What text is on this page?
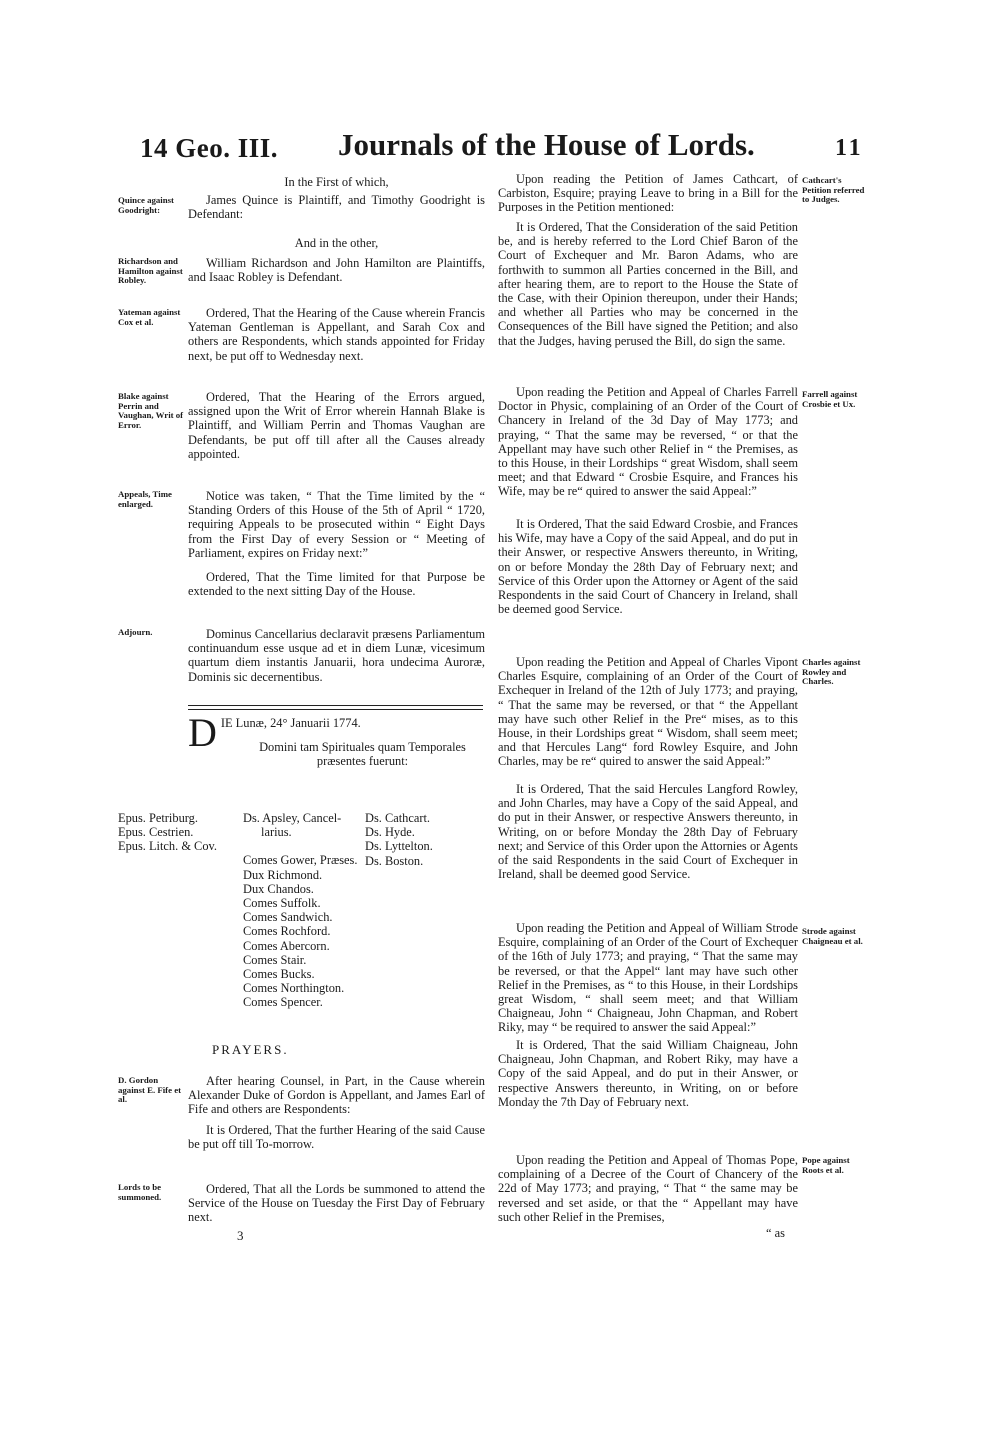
14 Geo. III. Journals of the House of Lords.	11

In the First of which,

James Quince is Plaintiff, and Timothy Goodright is Defendant:

And in the other,

William Richardson and John Hamilton are Plaintiffs, and Isaac Robley is Defendant.

Ordered, That the Hearing of the Cause wherein Francis Yateman Gentleman is Appellant, and Sarah Cox and others are Respondents, which stands appointed for Friday next, be put off to Wednesday next.

Ordered, That the Hearing of the Errors argued, assigned upon the Writ of Error wherein Hannah Blake is Plaintiff, and William Perrin and Thomas Vaughan are Defendants, be put off till after all the Causes already appointed.

Notice was taken, “ That the Time limited by the “ Standing Orders of this House of the 5th of April “ 1720, requiring Appeals to be prosecuted within “ Eight Days from the First Day of every Session or “ Meeting of Parliament, expires on Friday next:”

Ordered, That the Time limited for that Purpose be extended to the next sitting Day of the House.

Dominus Cancellarius declaravit præsens Parliamentum continuandum esse usque ad et in diem Lunæ, vicesimum quartum diem instantis Januarii, hora undecima Auroræ, Dominis sic decernentibus.

DIE Lunæ, 24° Januarii 1774.
Domini tam Spirituales quam Temporales præsentes fuerunt:
Epus. Petriburg.
Epus. Cestrien.
Epus. Litch. & Cov.
Ds. Apsley, Cancel-
larius.
Comes Gower, Præses.
Dux Richmond.
Dux Chandos.
Comes Suffolk.
Comes Sandwich.
Comes Rochford.
Comes Abercorn.
Comes Stair.
Comes Bucks.
Comes Northington.
Comes Spencer.
Ds. Cathcart.
Ds. Hyde.
Ds. Lyttelton.
Ds. Boston.
PRAYERS.

After hearing Counsel, in Part, in the Cause wherein Alexander Duke of Gordon is Appellant, and James Earl of Fife and others are Respondents:

It is Ordered, That the further Hearing of the said Cause be put off till To-morrow.

Ordered, That all the Lords be summoned to attend the Service of the House on Tuesday the First Day of February next.

3
Quince against Goodright:
Richardson and Hamilton against Robley.
Yateman against Cox et al.
Blake against Perrin and Vaughan, Writ of Error.
Appeals, Time enlarged.
Adjourn.
D. Gordon against E. Fife et al.
Lords to be summoned.

Upon reading the Petition of James Cathcart, of Carbiston, Esquire; praying Leave to bring in a Bill for the Purposes in the Petition mentioned:

It is Ordered, That the Consideration of the said Petition be, and is hereby referred to the Lord Chief Baron of the Court of Exchequer and Mr. Baron Adams, who are forthwith to summon all Parties concerned in the Bill, and after hearing them, are to report to the House the State of the Case, with their Opinion thereupon, under their Hands; and whether all Parties who may be concerned in the Consequences of the Bill have signed the Petition; and also that the Judges, having perused the Bill, do sign the same.

Upon reading the Petition and Appeal of Charles Farrell Doctor in Physic, complaining of an Order of the Court of Chancery in Ireland of the 3d Day of May 1773; and praying, “ That the same may be reversed, “ or that the Appellant may have such other Relief in “ the Premises, as to this House, in their Lordships “ great Wisdom, shall seem meet; and that Edward “ Crosbie Esquire, and Frances his Wife, may be re“ quired to answer the said Appeal:”

It is Ordered, That the said Edward Crosbie, and Frances his Wife, may have a Copy of the said Appeal, and do put in their Answer, or respective Answers thereunto, in Writing, on or before Monday the 28th Day of February next; and Service of this Order upon the Attorney or Agent of the said Respondents in the said Court of Chancery in Ireland, shall be deemed good Service.

Upon reading the Petition and Appeal of Charles Vipont Charles Esquire, complaining of an Order of the Court of Exchequer in Ireland of the 12th of July 1773; and praying, “ That the same may be reversed, or that “ the Appellant may have such other Relief in the Pre“ mises, as to this House, in their Lordships great “ Wisdom, shall seem meet; and that Hercules Lang“ ford Rowley Esquire, and John Charles, may be re“ quired to answer the said Appeal:”

It is Ordered, That the said Hercules Langford Rowley, and John Charles, may have a Copy of the said Appeal, and do put in their Answer, or respective Answers thereunto, in Writing, on or before Monday the 28th Day of February next; and Service of this Order upon the Attornies or Agents of the said Respondents in the said Court of Exchequer in Ireland, shall be deemed good Service.

Upon reading the Petition and Appeal of William Strode Esquire, complaining of an Order of the Court of Exchequer of the 16th of July 1773; and praying, “ That the same may be reversed, or that the Appel“ lant may have such other Relief in the Premises, as “ to this House, in their Lordships great Wisdom, “ shall seem meet; and that William Chaigneau, John “ Chaigneau, John Chapman, and Robert Riky, may “ be required to answer the said Appeal:”

It is Ordered, That the said William Chaigneau, John Chaigneau, John Chapman, and Robert Riky, may have a Copy of the said Appeal, and do put in their Answer, or respective Answers thereunto, in Writing, on or before Monday the 7th Day of February next.

Upon reading the Petition and Appeal of Thomas Pope, complaining of a Decree of the Court of Chancery of the 22d of May 1773; and praying, “ That “ the same may be reversed and set aside, or that the “ Appellant may have such other Relief in the Premises,

“ as
Cathcart's Petition referred to Judges.
Farrell against Crosbie et Ux.
Charles against Rowley and Charles.
Strode against Chaigneau et al.
Pope against Roots et al.
